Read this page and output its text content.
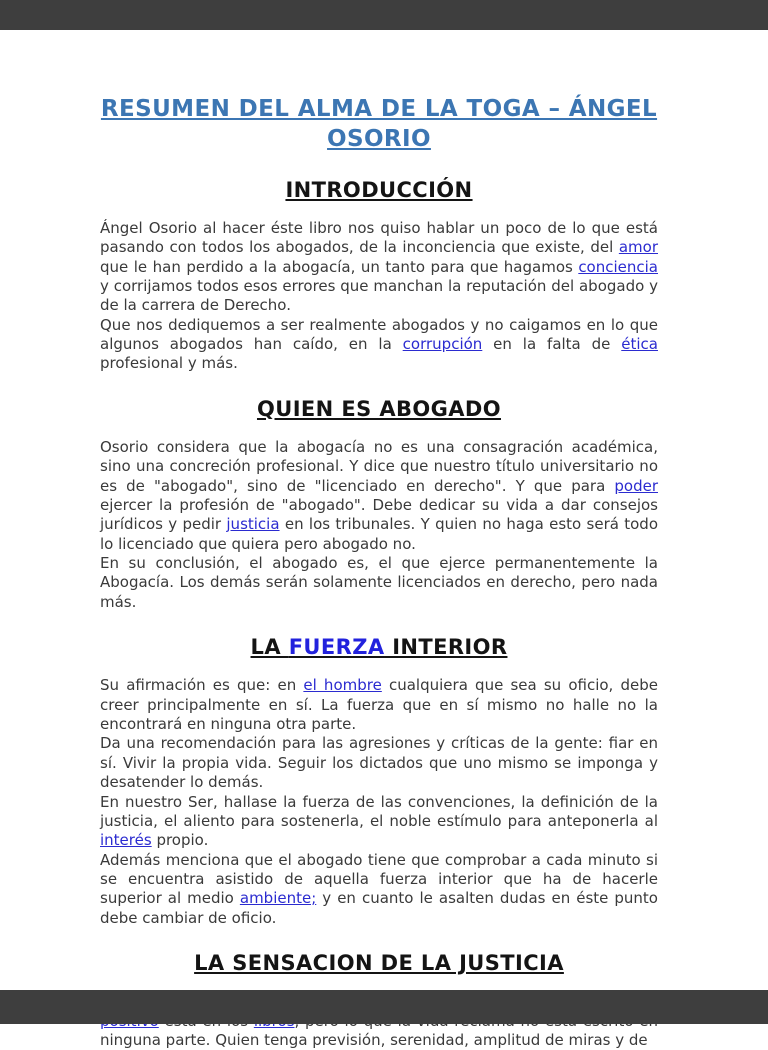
RESUMEN DEL ALMA DE LA TOGA – ÁNGEL OSORIO
INTRODUCCIÓN
Ángel Osorio al hacer éste libro nos quiso hablar un poco de lo que está pasando con todos los abogados, de la inconciencia que existe, del amor que le han perdido a la abogacía, un tanto para que hagamos conciencia y corrijamos todos esos errores que manchan la reputación del abogado y de la carrera de Derecho.
Que nos dediquemos a ser realmente abogados y no caigamos en lo que algunos abogados han caído, en la corrupción en la falta de ética profesional y más.
QUIEN ES ABOGADO
Osorio considera que la abogacía no es una consagración académica, sino una concreción profesional. Y dice que nuestro título universitario no es de "abogado", sino de "licenciado en derecho". Y que para poder ejercer la profesión de "abogado". Debe dedicar su vida a dar consejos jurídicos y pedir justicia en los tribunales. Y quien no haga esto será todo lo licenciado que quiera pero abogado no.
En su conclusión, el abogado es, el que ejerce permanentemente la Abogacía. Los demás serán solamente licenciados en derecho, pero nada más.
LA FUERZA INTERIOR
Su afirmación es que: en el hombre cualquiera que sea su oficio, debe creer principalmente en sí. La fuerza que en sí mismo no halle no la encontrará en ninguna otra parte.
Da una recomendación para las agresiones y críticas de la gente: fiar en sí. Vivir la propia vida. Seguir los dictados que uno mismo se imponga y desatender lo demás.
En nuestro Ser, hallase la fuerza de las convenciones, la definición de la justicia, el aliento para sostenerla, el noble estímulo para anteponerla al interés propio.
Además menciona que el abogado tiene que comprobar a cada minuto si se encuentra asistido de aquella fuerza interior que ha de hacerle superior al medio ambiente; y en cuanto le asalten dudas en éste punto debe cambiar de oficio.
LA SENSACION DE LA JUSTICIA
ninguna parte. Quien tenga previsión, serenidad, amplitud de miras y de
